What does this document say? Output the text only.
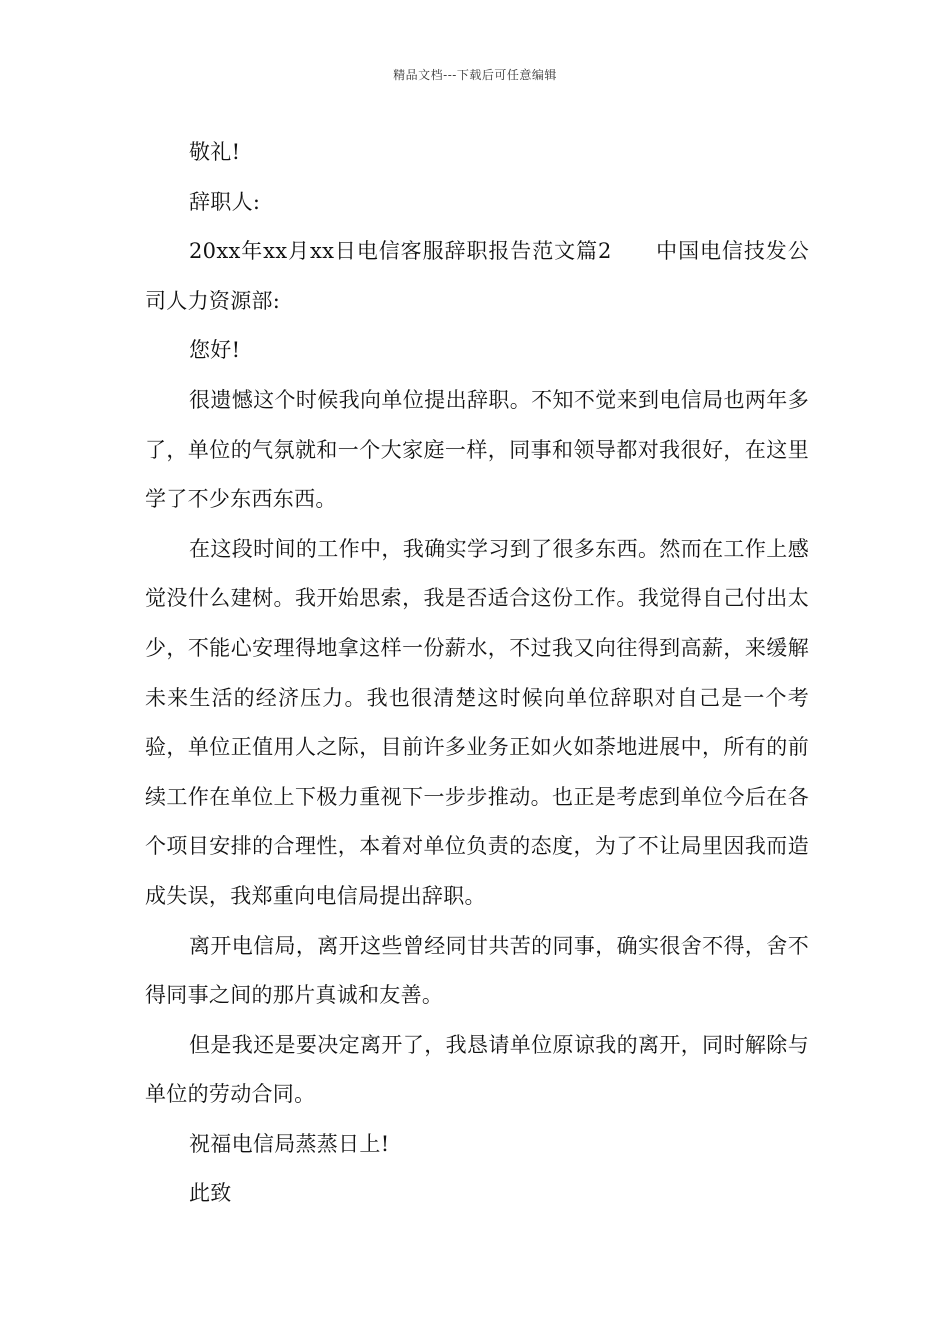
精品文档---下载后可任意编辑

敬礼!

辞职人:

20xx年xx月xx日电信客服辞职报告范文篇2　　中国电信技发公司人力资源部:

您好!

很遗憾这个时候我向单位提出辞职。不知不觉来到电信局也两年多了，单位的气氛就和一个大家庭一样，同事和领导都对我很好，在这里学了不少东西东西。

在这段时间的工作中，我确实学习到了很多东西。然而在工作上感觉没什么建树。我开始思索，我是否适合这份工作。我觉得自己付出太少，不能心安理得地拿这样一份薪水，不过我又向往得到高薪，来缓解未来生活的经济压力。我也很清楚这时候向单位辞职对自己是一个考验，单位正值用人之际，目前许多业务正如火如荼地进展中，所有的前续工作在单位上下极力重视下一步步推动。也正是考虑到单位今后在各个项目安排的合理性，本着对单位负责的态度，为了不让局里因我而造成失误，我郑重向电信局提出辞职。

离开电信局，离开这些曾经同甘共苦的同事，确实很舍不得，舍不得同事之间的那片真诚和友善。

但是我还是要决定离开了，我恳请单位原谅我的离开，同时解除与单位的劳动合同。

祝福电信局蒸蒸日上!

此致
